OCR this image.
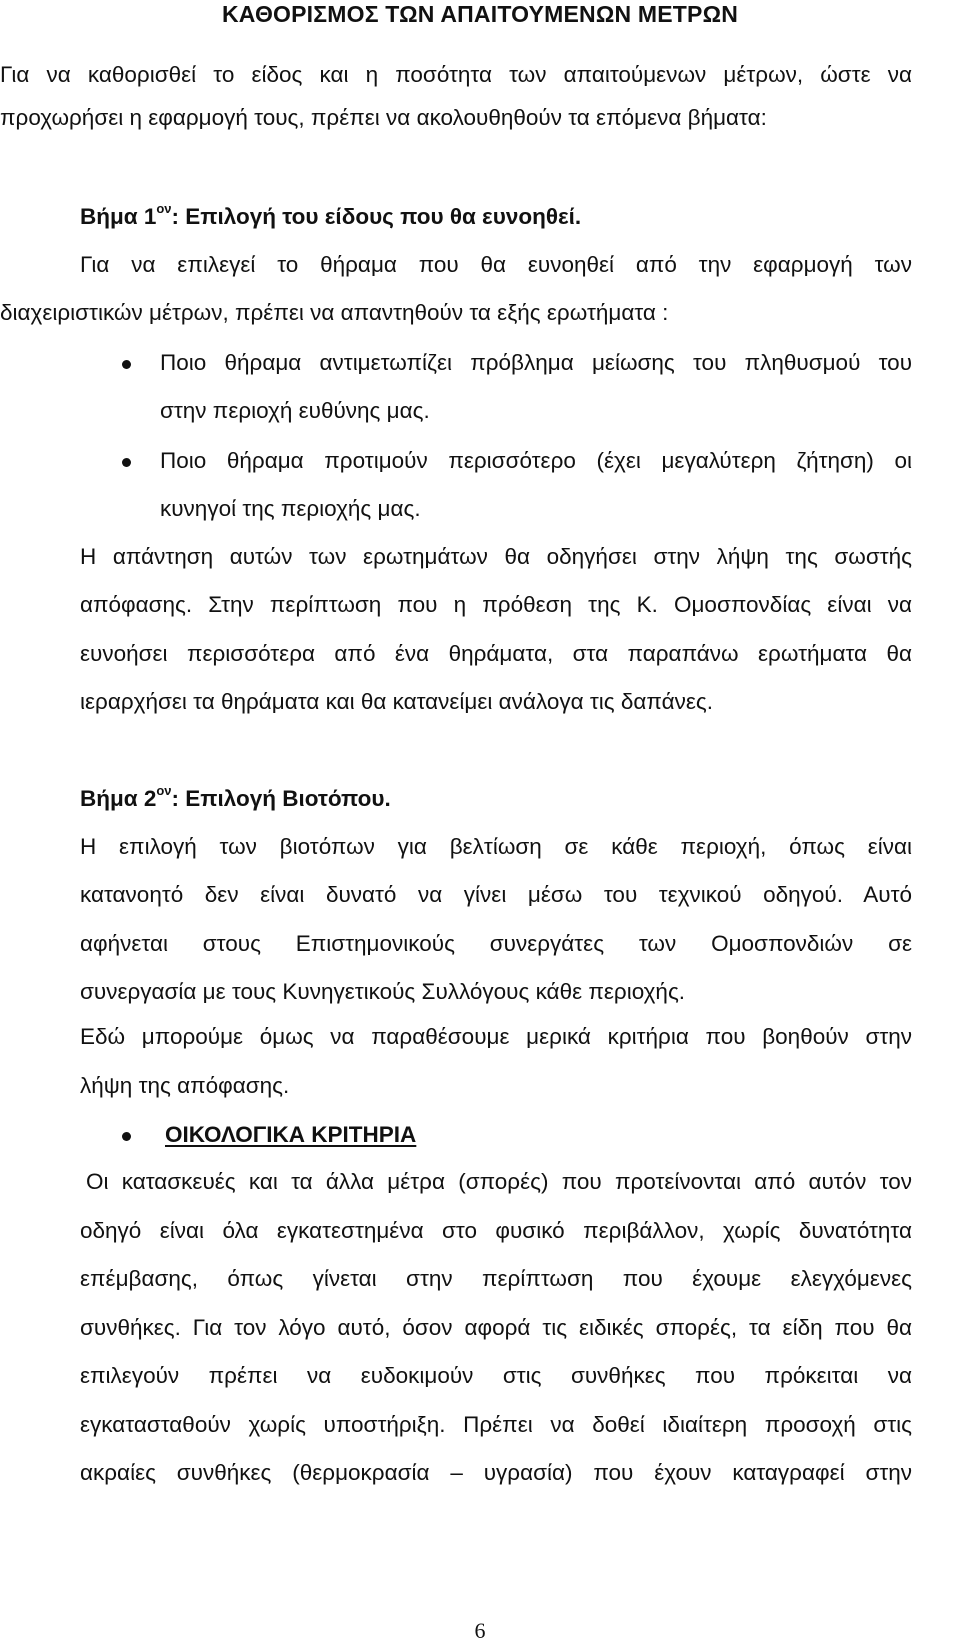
ΚΑΘΟΡΙΣΜΟΣ ΤΩΝ ΑΠΑΙΤΟΥΜΕΝΩΝ ΜΕΤΡΩΝ
Για να καθορισθεί το είδος και η ποσότητα των απαιτούμενων μέτρων, ώστε να
προχωρήσει η εφαρμογή τους, πρέπει να ακολουθηθούν τα επόμενα βήματα:
Βήμα $1^{o\nu}$: Επιλογή του είδους που θα ευνοηθεί.
Για να επιλεγεί το θήραμα που θα ευνοηθεί από την εφαρμογή των
διαχειριστικών μέτρων, πρέπει να απαντηθούν τα εξής ερωτήματα :
Ποιο θήραμα αντιμετωπίζει πρόβλημα μείωσης του πληθυσμού του
στην περιοχή ευθύνης μας.
Ποιο θήραμα προτιμούν περισσότερο (έχει μεγαλύτερη ζήτηση) οι
κυνηγοί της περιοχής μας.
Η απάντηση αυτών των ερωτημάτων θα οδηγήσει στην λήψη της σωστής
απόφασης. Στην περίπτωση που η πρόθεση της Κ. Ομοσπονδίας είναι να
ευνοήσει περισσότερα από ένα θηράματα, στα παραπάνω ερωτήματα θα
ιεραρχήσει τα θηράματα και θα κατανείμει ανάλογα τις δαπάνες.
Βήμα $2^{o\nu}$: Επιλογή Βιοτόπου.
Η επιλογή των βιοτόπων για βελτίωση σε κάθε περιοχή, όπως είναι
κατανοητό δεν είναι δυνατό να γίνει μέσω του τεχνικού οδηγού. Αυτό
αφήνεται στους Επιστημονικούς συνεργάτες των Ομοσπονδιών σε
συνεργασία με τους Κυνηγετικούς Συλλόγους κάθε περιοχής.
Εδώ μπορούμε όμως να παραθέσουμε μερικά κριτήρια που βοηθούν στην
λήψη της απόφασης.
ΟΙΚΟΛΟΓΙΚΑ ΚΡΙΤΗΡΙΑ
Οι κατασκευές και τα άλλα μέτρα (σπορές) που προτείνονται από αυτόν τον
οδηγό είναι όλα εγκατεστημένα στο φυσικό περιβάλλον, χωρίς δυνατότητα
επέμβασης, όπως γίνεται στην περίπτωση που έχουμε ελεγχόμενες
συνθήκες. Για τον λόγο αυτό, όσον αφορά τις ειδικές σπορές, τα είδη που θα
επιλεγούν πρέπει να ευδοκιμούν στις συνθήκες που πρόκειται να
εγκατασταθούν χωρίς υποστήριξη. Πρέπει να δοθεί ιδιαίτερη προσοχή στις
ακραίες συνθήκες (θερμοκρασία – υγρασία) που έχουν καταγραφεί στην
6
